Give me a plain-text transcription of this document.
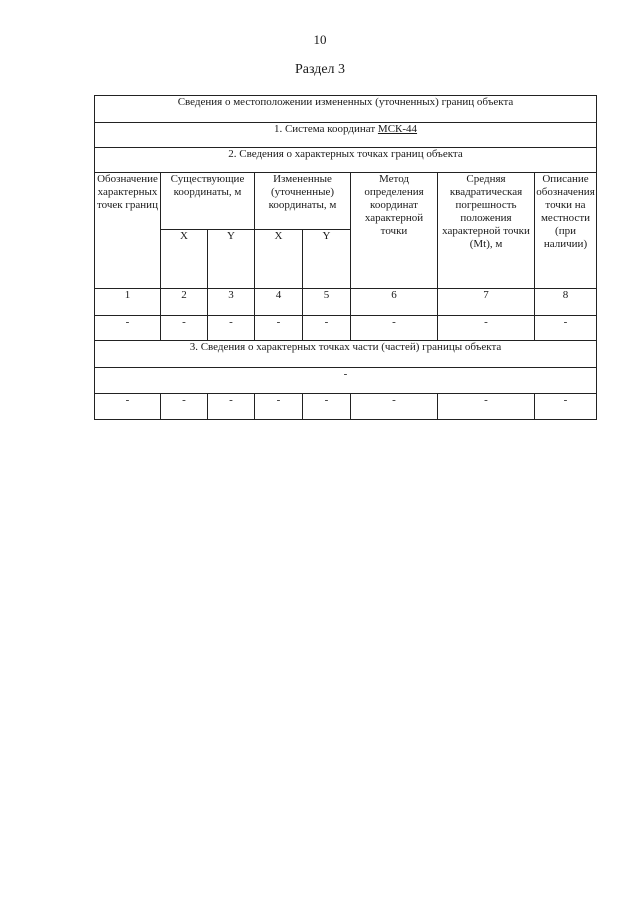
10
Раздел 3
Сведения о местоположении измененных (уточненных) границ объекта							
1. Система координат МСК-44							
2. Сведения о характерных точках границ объекта							
Обозначение характерных точек границ	Существующие координаты, м		Измененные (уточненные) координаты, м		Метод определения координат характерной точки	Средняя квадратическая погрешность положения характерной точки (Mt), м	Описание обозначения точки на местности (при наличии)
	X	Y	X	Y			
1	2	3	4	5	6	7	8
-	-	-	-	-	-	-	-
3. Сведения о характерных точках части (частей) границы объекта							
-							
-	-	-	-	-	-	-	-
